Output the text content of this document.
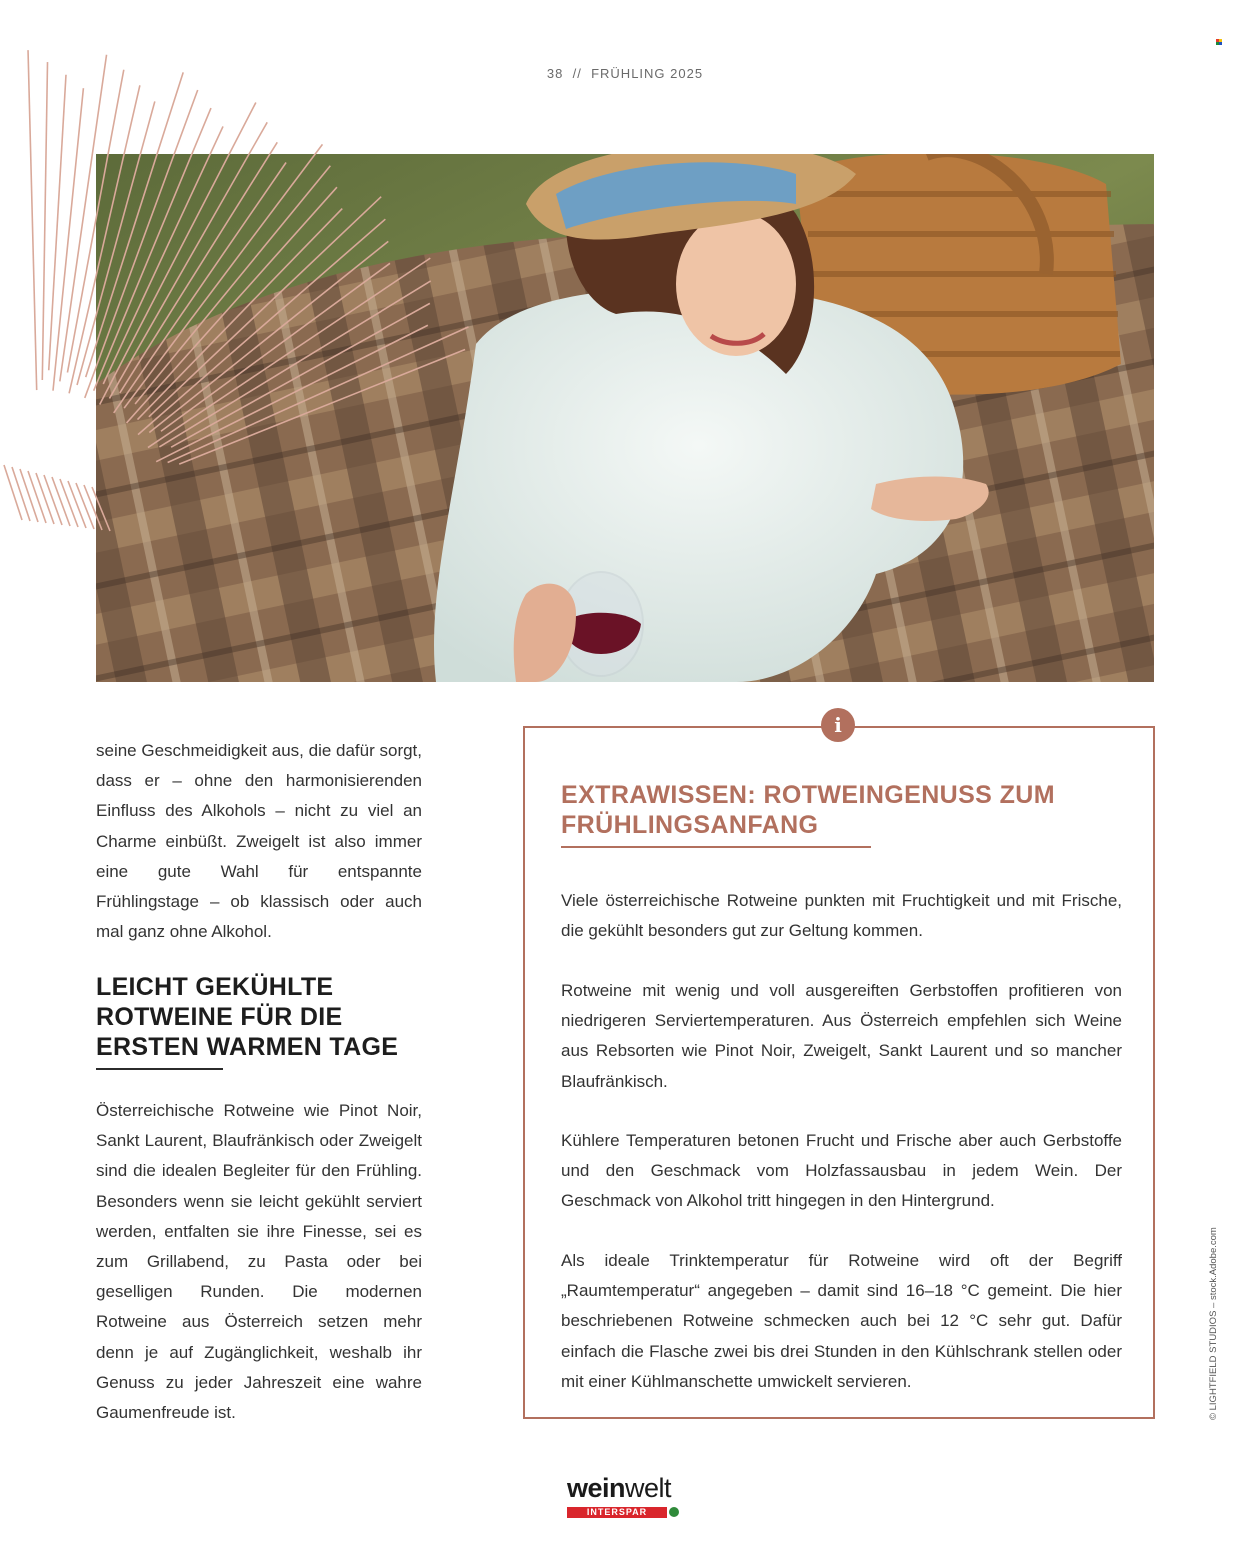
38 // FRÜHLING 2025
seine Geschmeidigkeit aus, die dafür sorgt, dass er – ohne den harmonisierenden Einfluss des Alkohols – nicht zu viel an Charme einbüßt. Zweigelt ist also immer eine gute Wahl für entspannte Frühlingstage – ob klassisch oder auch mal ganz ohne Alkohol.
LEICHT GEKÜHLTE ROTWEINE FÜR DIE ERSTEN WARMEN TAGE
Österreichische Rotweine wie Pinot Noir, Sankt Laurent, Blaufränkisch oder Zweigelt sind die idealen Begleiter für den Frühling. Besonders wenn sie leicht gekühlt serviert werden, entfalten sie ihre Finesse, sei es zum Grillabend, zu Pasta oder bei geselligen Runden. Die modernen Rotweine aus Österreich setzen mehr denn je auf Zugänglichkeit, weshalb ihr Genuss zu jeder Jahreszeit eine wahre Gaumenfreude ist.
i
EXTRAWISSEN: ROTWEINGENUSS ZUM FRÜHLINGSANFANG
Viele österreichische Rotweine punkten mit Fruchtigkeit und mit Frische, die gekühlt besonders gut zur Geltung kommen.
Rotweine mit wenig und voll ausgereiften Gerbstoffen profitieren von niedrigeren Serviertemperaturen. Aus Österreich empfehlen sich Weine aus Rebsorten wie Pinot Noir, Zweigelt, Sankt Laurent und so mancher Blaufränkisch.
Kühlere Temperaturen betonen Frucht und Frische aber auch Gerbstoffe und den Geschmack vom Holzfassausbau in jedem Wein. Der Geschmack von Alkohol tritt hingegen in den Hintergrund.
Als ideale Trinktemperatur für Rotweine wird oft der Begriff „Raumtemperatur“ angegeben – damit sind 16–18 °C gemeint. Die hier beschriebenen Rotweine schmecken auch bei 12 °C sehr gut. Dafür einfach die Flasche zwei bis drei Stunden in den Kühlschrank stellen oder mit einer Kühlmanschette umwickelt servieren.	© LIGHTFIELD STUDIOS – stock.Adobe.com
weinwelt
INTERSPAR
